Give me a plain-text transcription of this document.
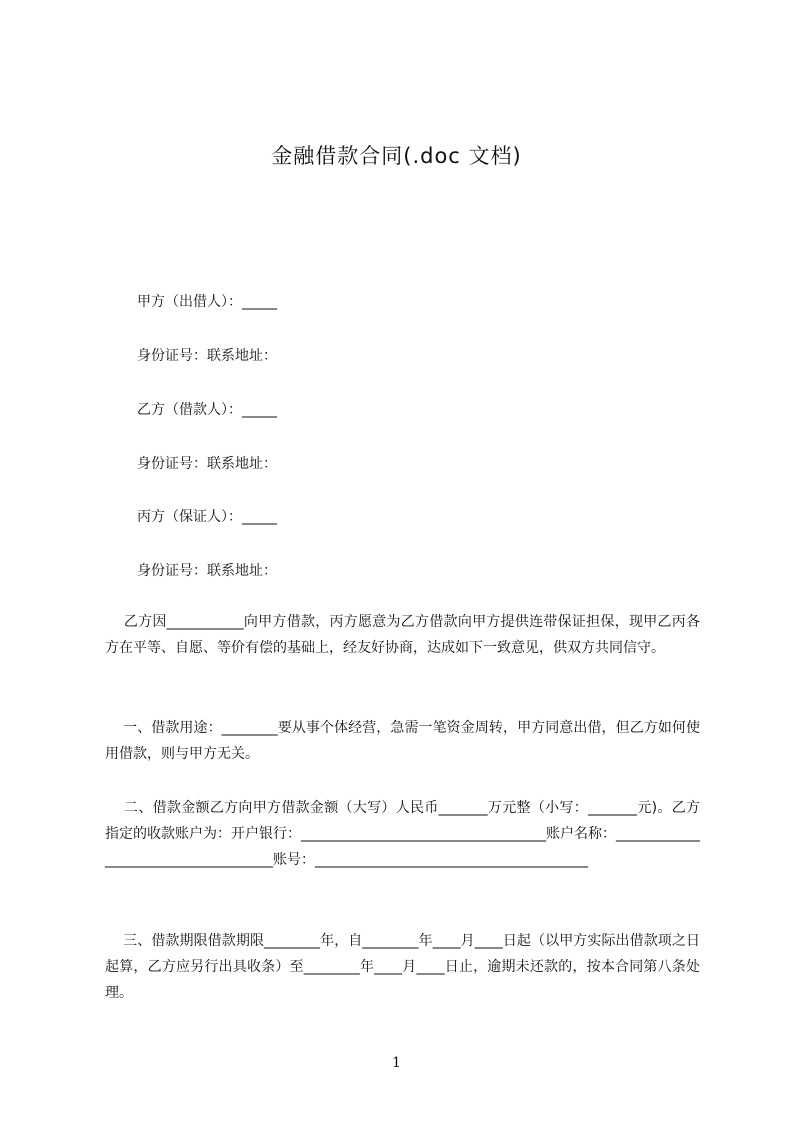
金融借款合同(.doc 文档)
甲方（出借人）：_____
身份证号：联系地址：
乙方（借款人）：_____
身份证号：联系地址：
丙方（保证人）：_____
身份证号：联系地址：
乙方因___________向甲方借款，丙方愿意为乙方借款向甲方提供连带保证担保，现甲乙丙各方在平等、自愿、等价有偿的基础上，经友好协商，达成如下一致意见，供双方共同信守。
一、借款用途：________要从事个体经营，急需一笔资金周转，甲方同意出借，但乙方如何使用借款，则与甲方无关。
二、借款金额乙方向甲方借款金额（大写）人民币_______万元整（小写：_______元)。乙方指定的收款账户为：开户银行：___________________________________账户名称：____________________________________账号：_______________________________________
三、借款期限借款期限________年，自________年____月____日起（以甲方实际出借款项之日起算，乙方应另行出具收条）至________年____月____日止，逾期未还款的，按本合同第八条处理。
1
